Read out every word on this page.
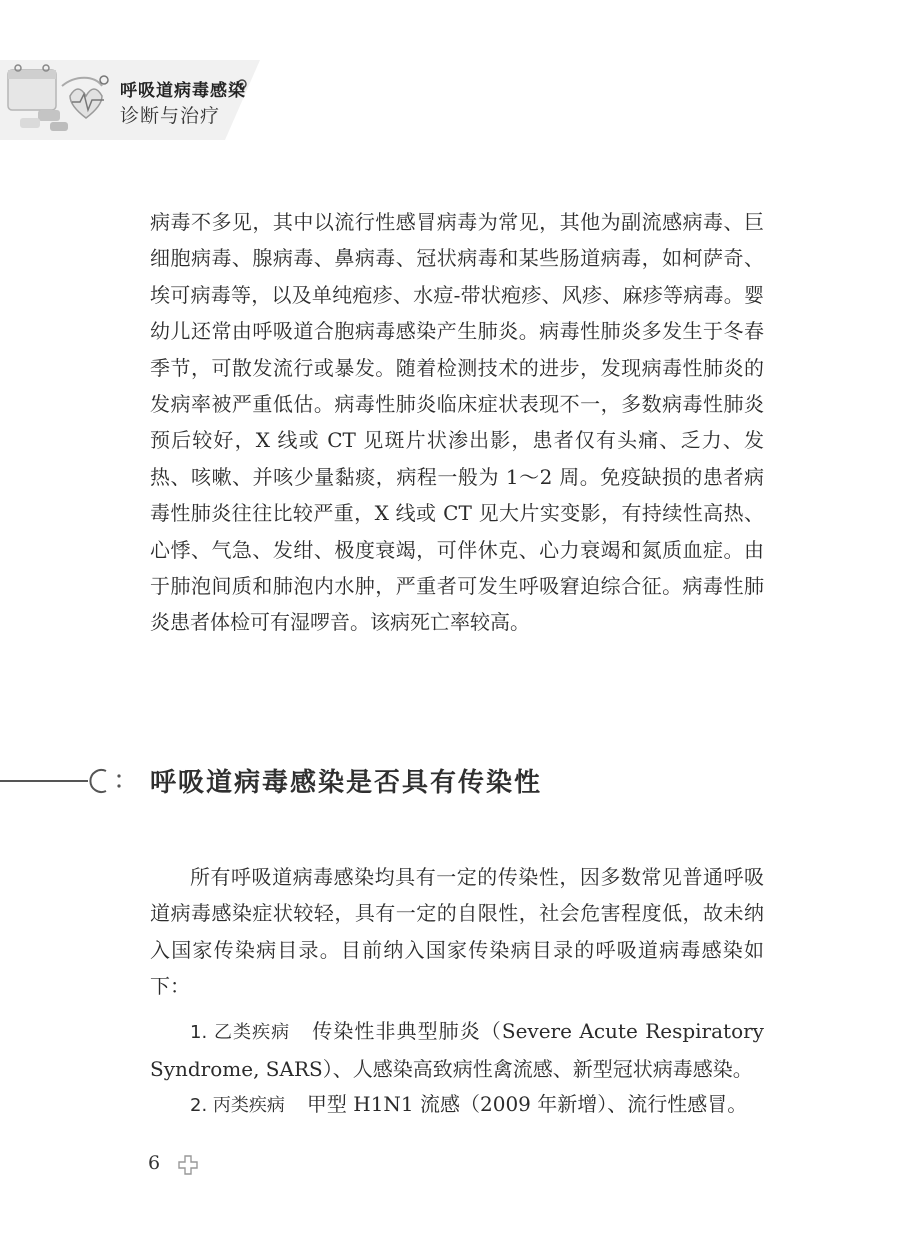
呼吸道病毒感染
诊断与治疗

病毒不多见，其中以流行性感冒病毒为常见，其他为副流感病毒、巨细胞病毒、腺病毒、鼻病毒、冠状病毒和某些肠道病毒，如柯萨奇、埃可病毒等，以及单纯疱疹、水痘-带状疱疹、风疹、麻疹等病毒。婴幼儿还常由呼吸道合胞病毒感染产生肺炎。病毒性肺炎多发生于冬春季节，可散发流行或暴发。随着检测技术的进步，发现病毒性肺炎的发病率被严重低估。病毒性肺炎临床症状表现不一，多数病毒性肺炎预后较好，X 线或 CT 见斑片状渗出影，患者仅有头痛、乏力、发热、咳嗽、并咳少量黏痰，病程一般为 1～2 周。免疫缺损的患者病毒性肺炎往往比较严重，X 线或 CT 见大片实变影，有持续性高热、心悸、气急、发绀、极度衰竭，可伴休克、心力衰竭和氮质血症。由于肺泡间质和肺泡内水肿，严重者可发生呼吸窘迫综合征。病毒性肺炎患者体检可有湿啰音。该病死亡率较高。

呼吸道病毒感染是否具有传染性

所有呼吸道病毒感染均具有一定的传染性，因多数常见普通呼吸道病毒感染症状较轻，具有一定的自限性，社会危害程度低，故未纳入国家传染病目录。目前纳入国家传染病目录的呼吸道病毒感染如下：

1. 乙类疾病 传染性非典型肺炎（Severe Acute Respiratory Syndrome, SARS）、人感染高致病性禽流感、新型冠状病毒感染。

2. 丙类疾病 甲型 H1N1 流感（2009 年新增）、流行性感冒。

6
